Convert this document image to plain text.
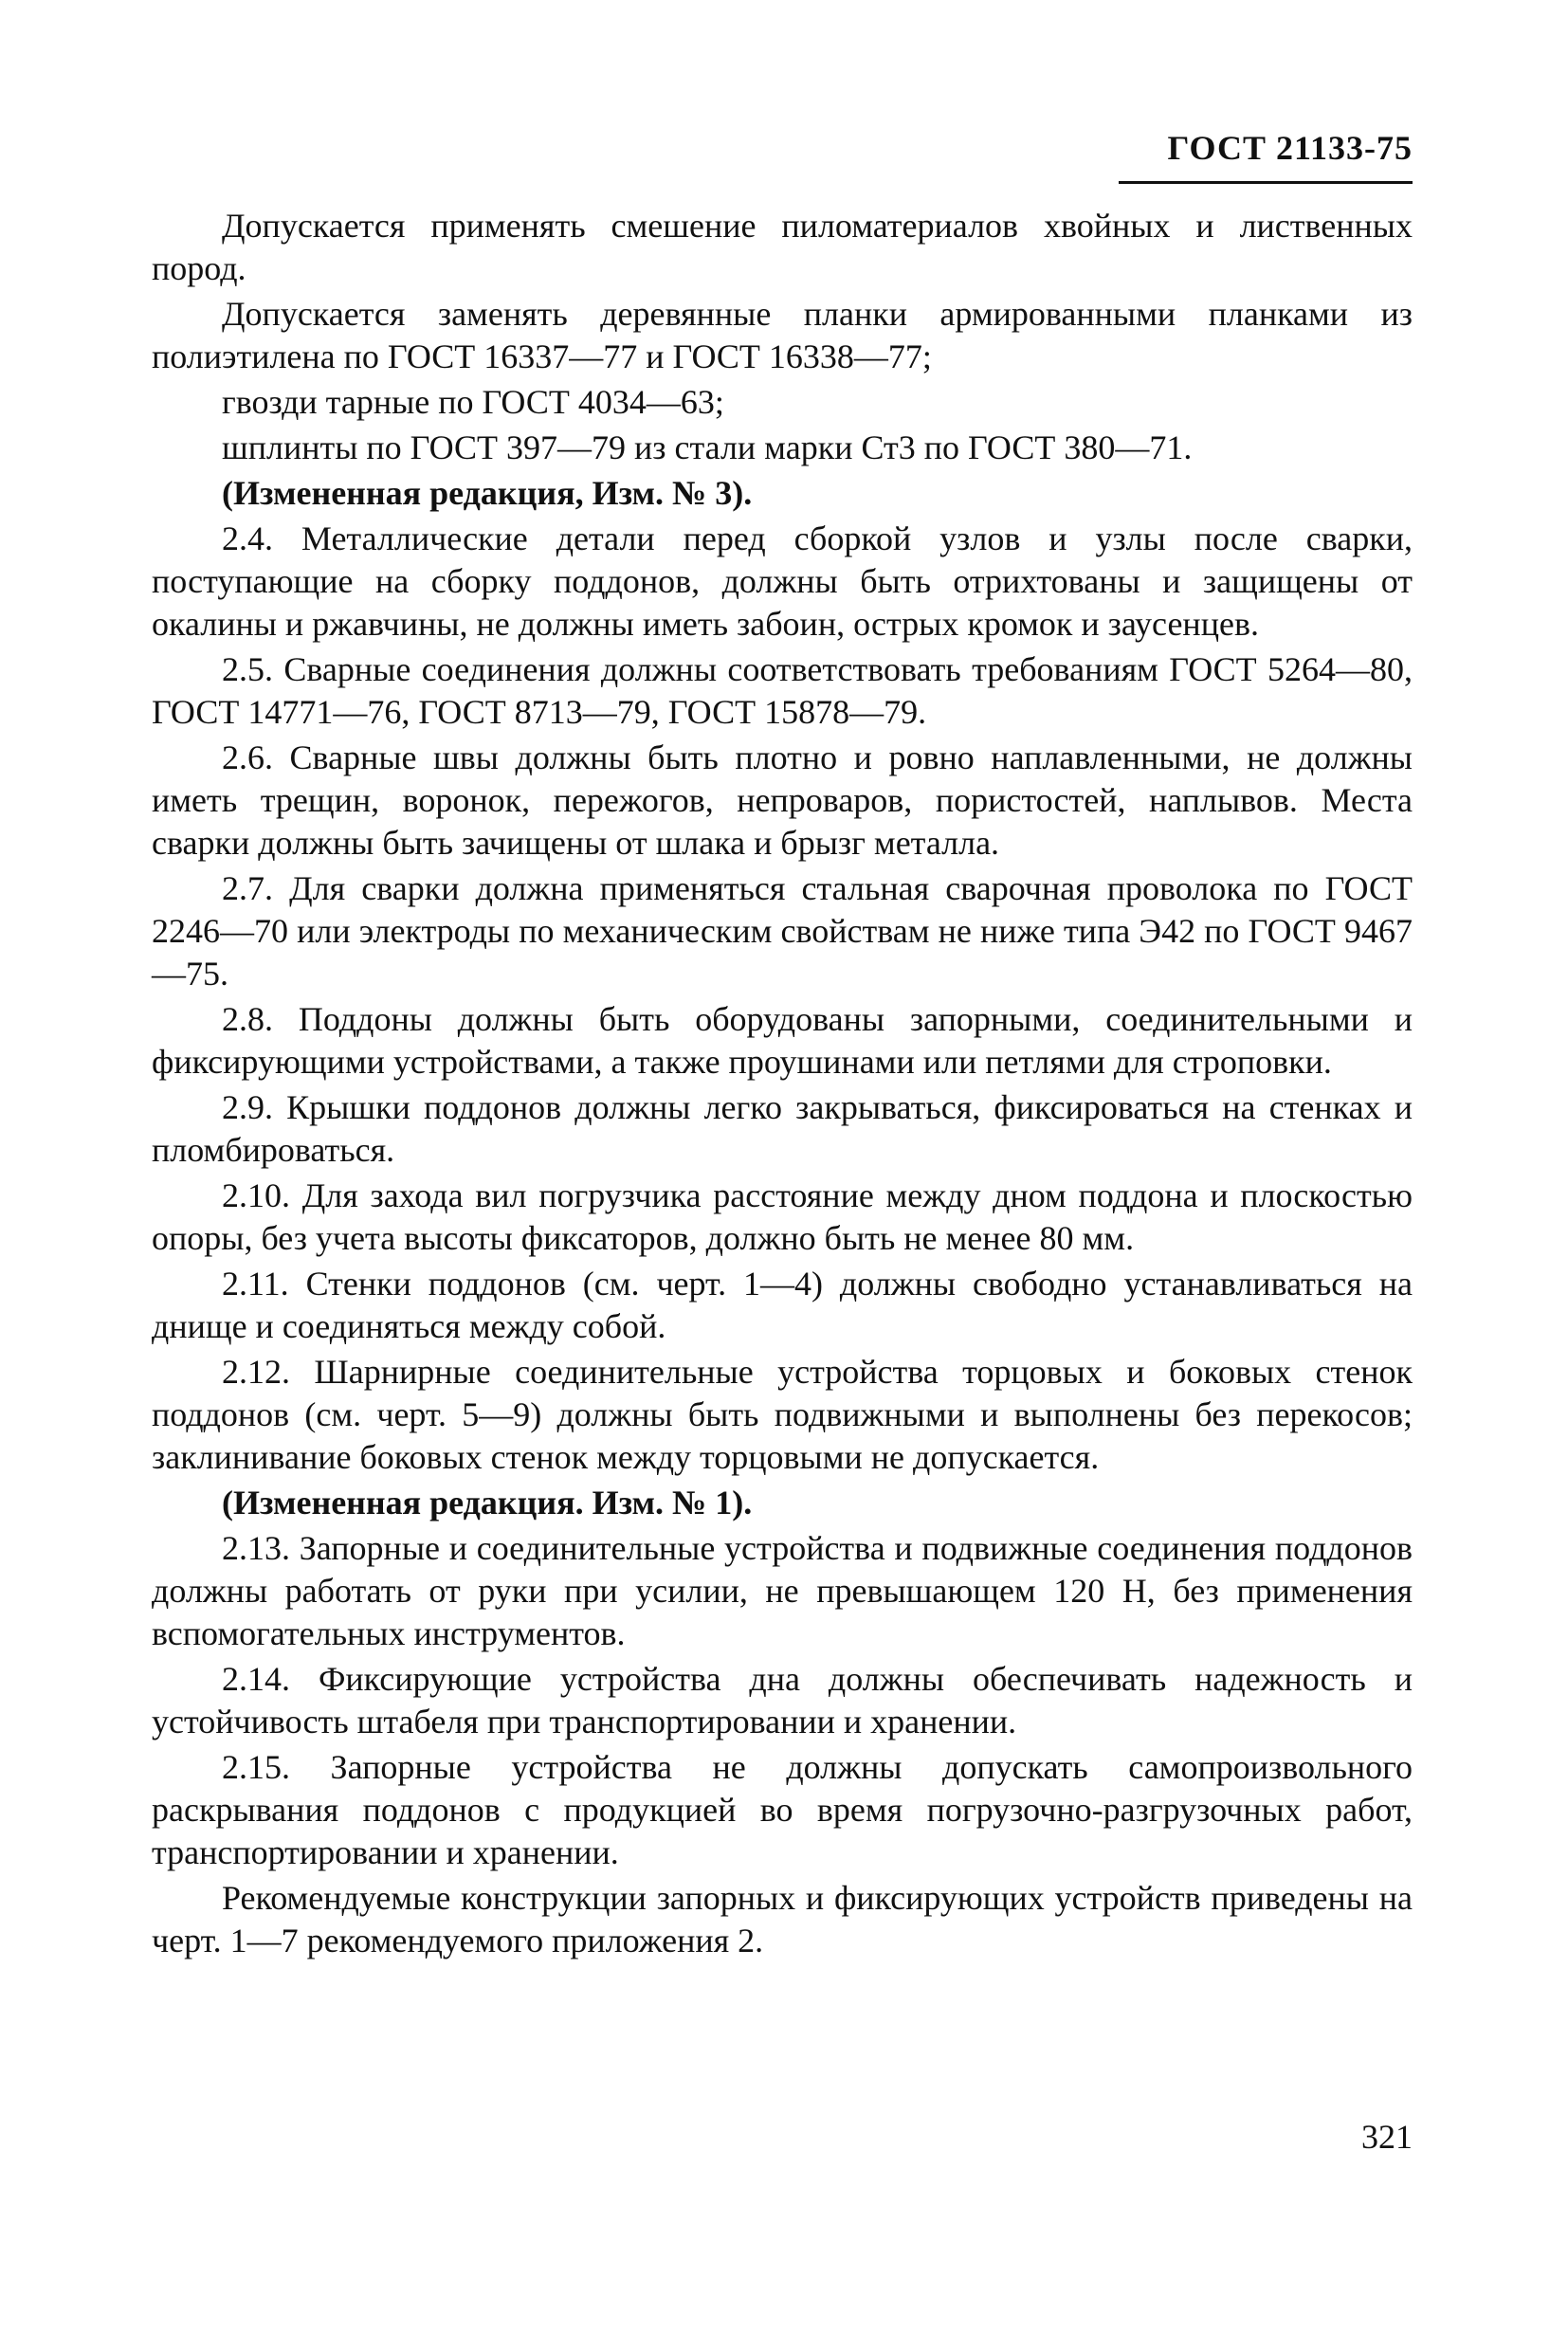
ГОСТ 21133-75

Допускается применять смешение пиломатериалов хвойных и лиственных пород.

Допускается заменять деревянные планки армированными планками из полиэтилена по ГОСТ 16337—77 и ГОСТ 16338—77;

гвозди тарные по ГОСТ 4034—63;

шплинты по ГОСТ 397—79 из стали марки Ст3 по ГОСТ 380—71.

(Измененная редакция, Изм. № 3).

2.4. Металлические детали перед сборкой узлов и узлы после сварки, поступающие на сборку поддонов, должны быть отрихтованы и защищены от окалины и ржавчины, не должны иметь забоин, острых кромок и заусенцев.

2.5. Сварные соединения должны соответствовать требованиям ГОСТ 5264—80, ГОСТ 14771—76, ГОСТ 8713—79, ГОСТ 15878—79.

2.6. Сварные швы должны быть плотно и ровно наплавленными, не должны иметь трещин, воронок, пережогов, непроваров, пористостей, наплывов. Места сварки должны быть зачищены от шлака и брызг металла.

2.7. Для сварки должна применяться стальная сварочная проволока по ГОСТ 2246—70 или электроды по механическим свойствам не ниже типа Э42 по ГОСТ 9467—75.

2.8. Поддоны должны быть оборудованы запорными, соединительными и фиксирующими устройствами, а также проушинами или петлями для строповки.

2.9. Крышки поддонов должны легко закрываться, фиксироваться на стенках и пломбироваться.

2.10. Для захода вил погрузчика расстояние между дном поддона и плоскостью опоры, без учета высоты фиксаторов, должно быть не менее 80 мм.

2.11. Стенки поддонов (см. черт. 1—4) должны свободно устанавливаться на днище и соединяться между собой.

2.12. Шарнирные соединительные устройства торцовых и боковых стенок поддонов (см. черт. 5—9) должны быть подвижными и выполнены без перекосов; заклинивание боковых стенок между торцовыми не допускается.

(Измененная редакция. Изм. № 1).

2.13. Запорные и соединительные устройства и подвижные соединения поддонов должны работать от руки при усилии, не превышающем 120 Н, без применения вспомогательных инструментов.

2.14. Фиксирующие устройства дна должны обеспечивать надежность и устойчивость штабеля при транспортировании и хранении.

2.15. Запорные устройства не должны допускать самопроизвольного раскрывания поддонов с продукцией во время погрузочно-разгрузочных работ, транспортировании и хранении.

Рекомендуемые конструкции запорных и фиксирующих устройств приведены на черт. 1—7 рекомендуемого приложения 2.

321
